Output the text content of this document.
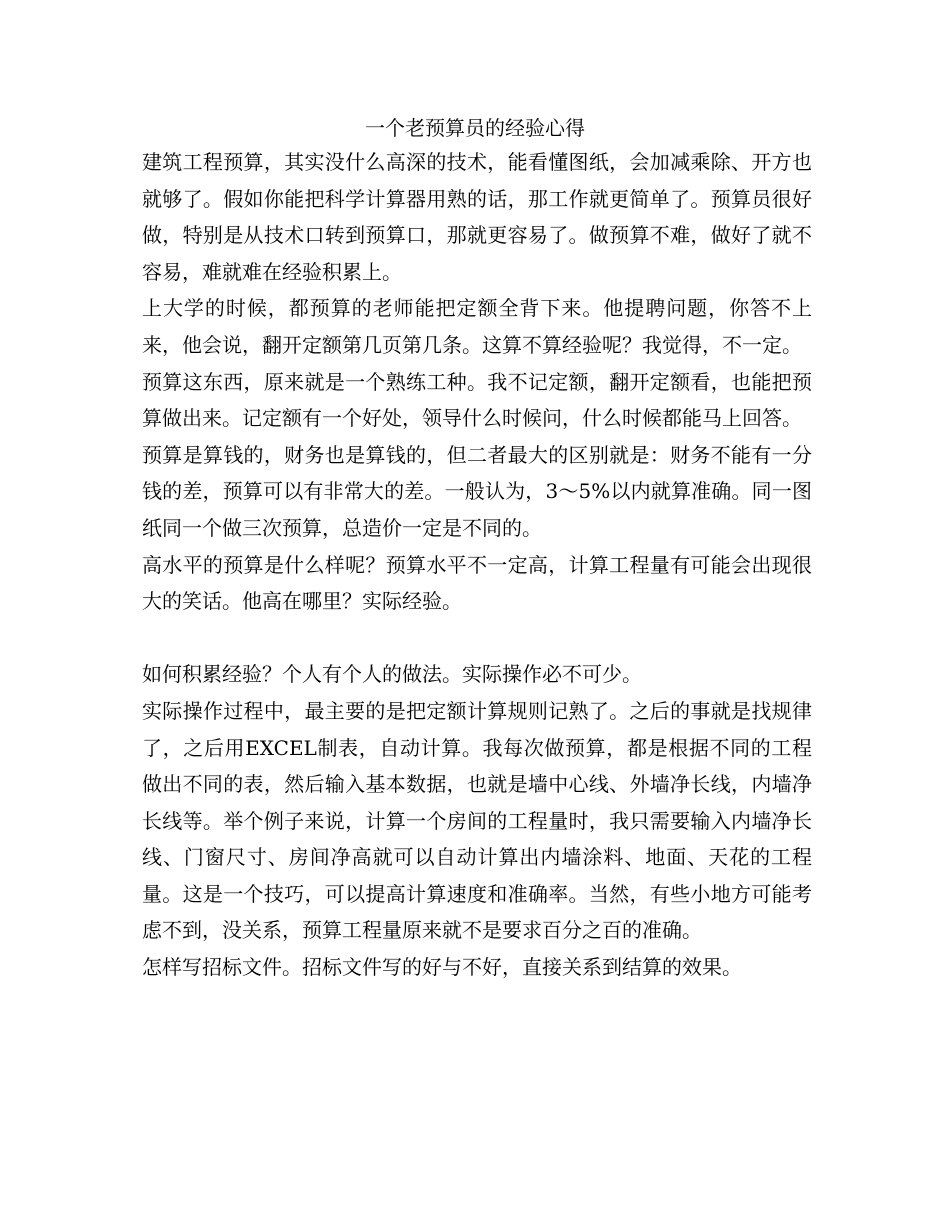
一个老预算员的经验心得

建筑工程预算，其实没什么高深的技术，能看懂图纸，会加减乘除、开方也就够了。假如你能把科学计算器用熟的话，那工作就更简单了。预算员很好做，特别是从技术口转到预算口，那就更容易了。做预算不难，做好了就不容易，难就难在经验积累上。

上大学的时候，都预算的老师能把定额全背下来。他提聘问题，你答不上来，他会说，翻开定额第几页第几条。这算不算经验呢？我觉得，不一定。

预算这东西，原来就是一个熟练工种。我不记定额，翻开定额看，也能把预算做出来。记定额有一个好处，领导什么时候问，什么时候都能马上回答。

预算是算钱的，财务也是算钱的，但二者最大的区别就是：财务不能有一分钱的差，预算可以有非常大的差。一般认为，3～5%以内就算准确。同一图纸同一个做三次预算，总造价一定是不同的。

高水平的预算是什么样呢？预算水平不一定高，计算工程量有可能会出现很大的笑话。他高在哪里？实际经验。

如何积累经验？个人有个人的做法。实际操作必不可少。

实际操作过程中，最主要的是把定额计算规则记熟了。之后的事就是找规律了，之后用EXCEL制表，自动计算。我每次做预算，都是根据不同的工程做出不同的表，然后输入基本数据，也就是墙中心线、外墙净长线，内墙净长线等。举个例子来说，计算一个房间的工程量时，我只需要输入内墙净长线、门窗尺寸、房间净高就可以自动计算出内墙涂料、地面、天花的工程量。这是一个技巧，可以提高计算速度和准确率。当然，有些小地方可能考虑不到，没关系，预算工程量原来就不是要求百分之百的准确。

怎样写招标文件。招标文件写的好与不好，直接关系到结算的效果。
